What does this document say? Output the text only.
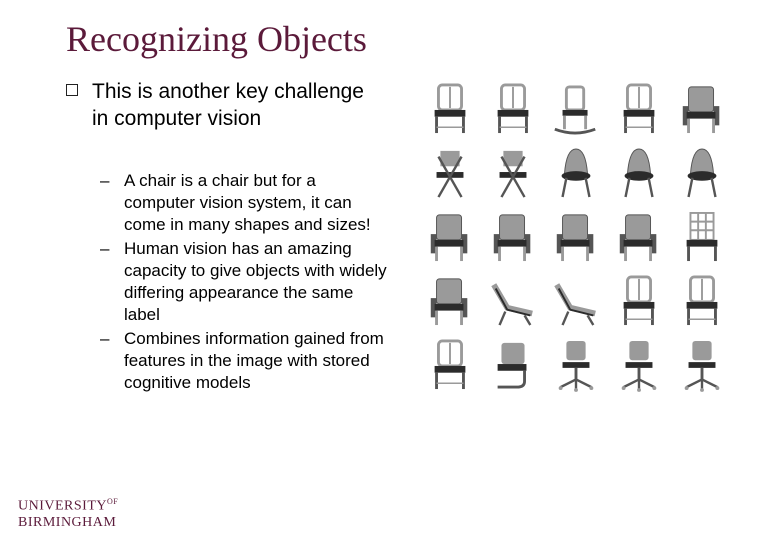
Recognizing Objects
This is another key challenge in computer vision
– A chair is a chair but for a computer vision system, it can come in many shapes and sizes!
– Human vision has an amazing capacity to give objects with widely differing appearance the same label
– Combines information gained from features in the image with stored cognitive models
$UNIVERSITY^{OF}$
BIRMINGHAM
